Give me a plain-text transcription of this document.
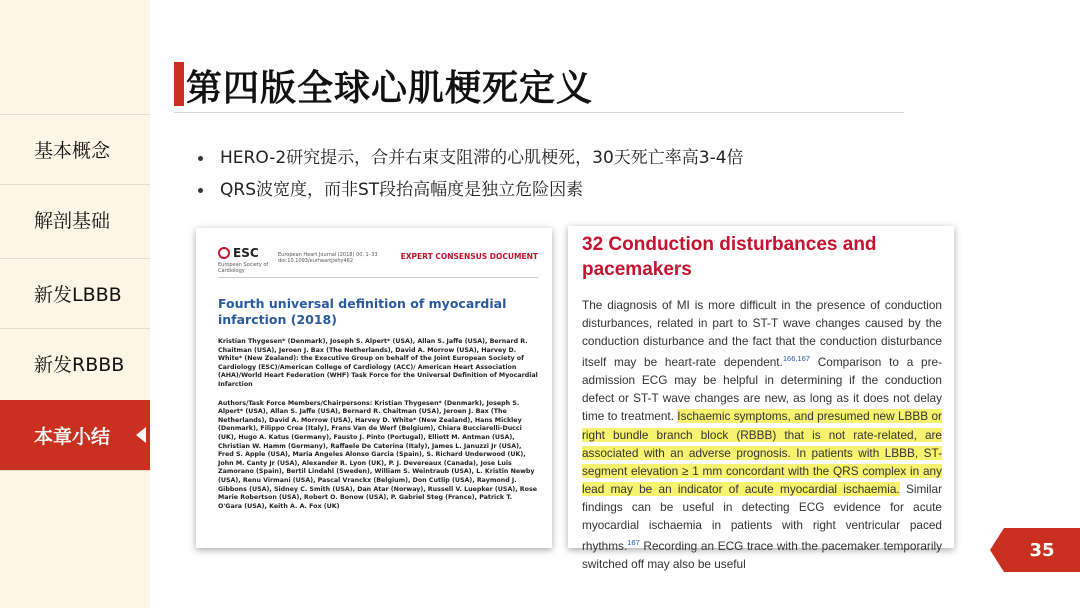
基本概念
解剖基础
新发LBBB
新发RBBB
本章小结
第四版全球心肌梗死定义
HERO-2研究提示，合并右束支阻滞的心肌梗死，30天死亡率高3-4倍
QRS波宽度，而非ST段抬高幅度是独立危险因素
ESC
European Society of Cardiology
European Heart Journal (2018) 00, 1–33 doi:10.1093/eurheartj/ehy462	EXPERT CONSENSUS DOCUMENT
Fourth universal definition of myocardial infarction (2018)
Kristian Thygesen* (Denmark), Joseph S. Alpert* (USA), Allan S. Jaffe (USA), Bernard R. Chaitman (USA), Jeroen J. Bax (The Netherlands), David A. Morrow (USA), Harvey D. White* (New Zealand): the Executive Group on behalf of the Joint European Society of Cardiology (ESC)/American College of Cardiology (ACC)/ American Heart Association (AHA)/World Heart Federation (WHF) Task Force for the Universal Definition of Myocardial Infarction
Authors/Task Force Members/Chairpersons: Kristian Thygesen* (Denmark), Joseph S. Alpert* (USA), Allan S. Jaffe (USA), Bernard R. Chaitman (USA), Jeroen J. Bax (The Netherlands), David A. Morrow (USA), Harvey D. White* (New Zealand), Hans Mickley (Denmark), Filippo Crea (Italy), Frans Van de Werf (Belgium), Chiara Bucciarelli-Ducci (UK), Hugo A. Katus (Germany), Fausto J. Pinto (Portugal), Elliott M. Antman (USA), Christian W. Hamm (Germany), Raffaele De Caterina (Italy), James L. Januzzi Jr (USA), Fred S. Apple (USA), Maria Angeles Alonso Garcia (Spain), S. Richard Underwood (UK), John M. Canty Jr (USA), Alexander R. Lyon (UK), P. J. Devereaux (Canada), Jose Luis Zamorano (Spain), Bertil Lindahl (Sweden), William S. Weintraub (USA), L. Kristin Newby (USA), Renu Virmani (USA), Pascal Vranckx (Belgium), Don Cutlip (USA), Raymond J. Gibbons (USA), Sidney C. Smith (USA), Dan Atar (Norway), Russell V. Luepker (USA), Rose Marie Robertson (USA), Robert O. Bonow (USA), P. Gabriel Steg (France), Patrick T. O'Gara (USA), Keith A. A. Fox (UK)
32 Conduction disturbances and pacemakers
The diagnosis of MI is more difficult in the presence of conduction disturbances, related in part to ST-T wave changes caused by the conduction disturbance and the fact that the conduction disturbance itself may be heart-rate dependent.$^{166,167}$ Comparison to a pre-admission ECG may be helpful in determining if the conduction defect or ST-T wave changes are new, as long as it does not delay time to treatment. Ischaemic symptoms, and presumed new LBBB or right bundle branch block (RBBB) that is not rate-related, are associated with an adverse prognosis. In patients with LBBB, ST-segment elevation ≥ 1 mm concordant with the QRS complex in any lead may be an indicator of acute myocardial ischaemia. Similar findings can be useful in detecting ECG evidence for acute myocardial ischaemia in patients with right ventricular paced rhythms.$^{167}$ Recording an ECG trace with the pacemaker temporarily switched off may also be useful
35
